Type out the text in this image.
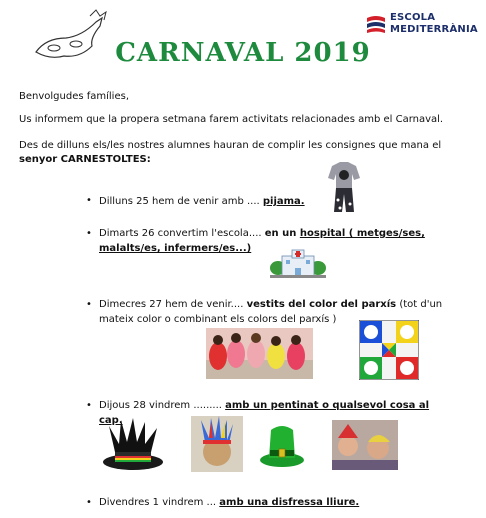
ESCOLA
MEDITERRÀNIA
CARNAVAL 2019
Benvolgudes famílies,
Us informem que la propera setmana farem activitats relacionades amb el Carnaval.
Des de dilluns els/les nostres alumnes hauran de complir les consignes que mana el
senyor CARNESTOLTES:
• Dilluns 25 hem de venir amb .... pijama.
• Dimarts 26 convertim l'escola.... en un hospital ( metges/ses, malalts/es, infermers/es...)
• Dimecres 27 hem de venir.... vestits del color del parxís (tot d'un mateix color o combinant els colors del parxís )
• Dijous 28 vindrem ......... amb un pentinat o qualsevol cosa al cap.
• Divendres 1 vindrem ... amb una disfressa lliure.
